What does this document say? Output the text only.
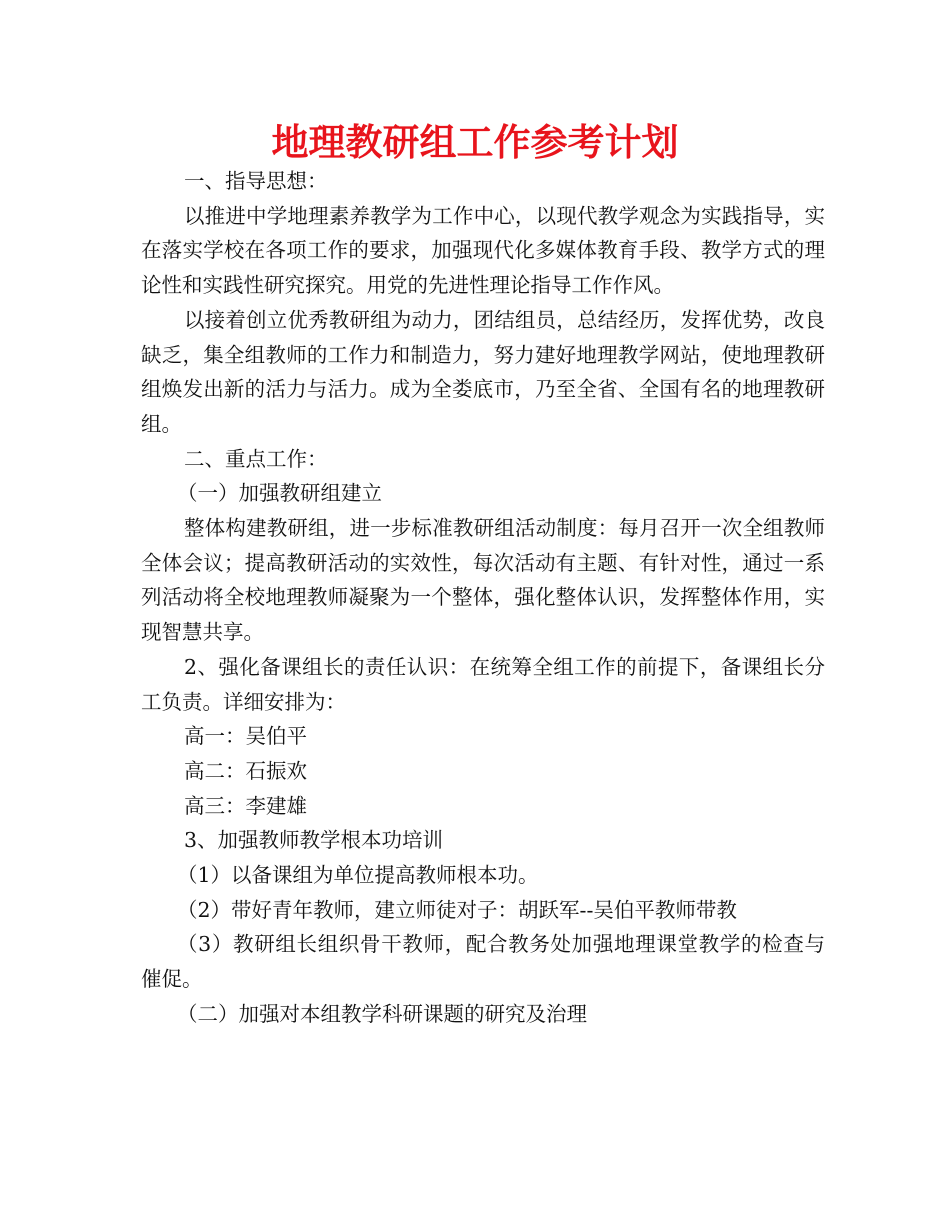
地理教研组工作参考计划

一、指导思想：

以推进中学地理素养教学为工作中心，以现代教学观念为实践指导，实在落实学校在各项工作的要求，加强现代化多媒体教育手段、教学方式的理论性和实践性研究探究。用党的先进性理论指导工作作风。

以接着创立优秀教研组为动力，团结组员，总结经历，发挥优势，改良缺乏，集全组教师的工作力和制造力，努力建好地理教学网站，使地理教研组焕发出新的活力与活力。成为全娄底市，乃至全省、全国有名的地理教研组。

二、重点工作：

（一）加强教研组建立

整体构建教研组，进一步标准教研组活动制度：每月召开一次全组教师全体会议；提高教研活动的实效性，每次活动有主题、有针对性，通过一系列活动将全校地理教师凝聚为一个整体，强化整体认识，发挥整体作用，实现智慧共享。

2、强化备课组长的责任认识：在统筹全组工作的前提下，备课组长分工负责。详细安排为：

高一：吴伯平

高二：石振欢

高三：李建雄

3、加强教师教学根本功培训

（1）以备课组为单位提高教师根本功。

（2）带好青年教师，建立师徒对子：胡跃军--吴伯平教师带教

（3）教研组长组织骨干教师，配合教务处加强地理课堂教学的检查与催促。

（二）加强对本组教学科研课题的研究及治理
